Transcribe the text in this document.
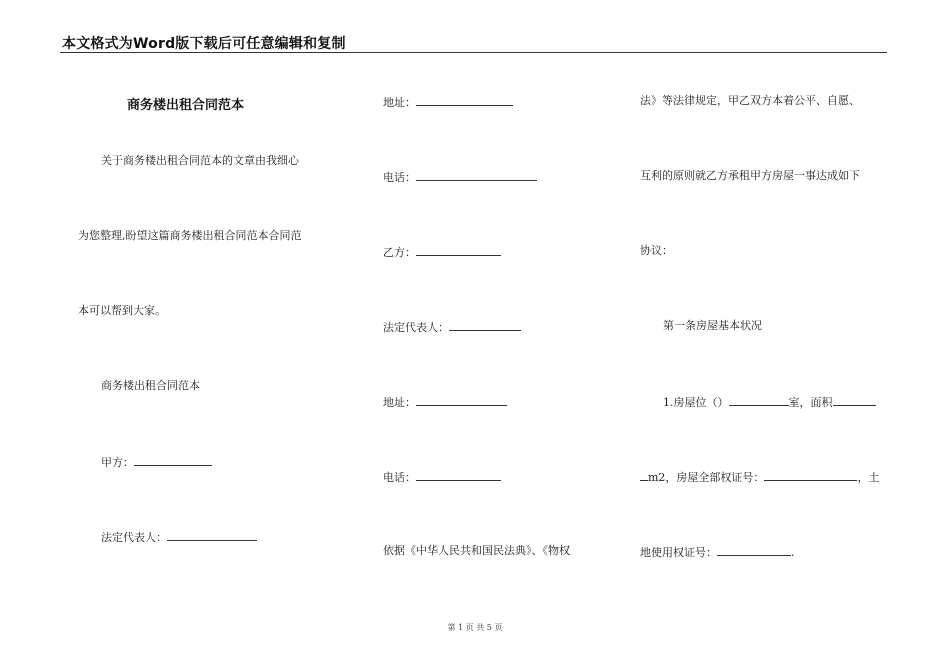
本文格式为Word版下载后可任意编辑和复制
商务楼出租合同范本
关于商务楼出租合同范本的文章由我细心
为您整理,盼望这篇商务楼出租合同范本合同范
本可以帮到大家。
商务楼出租合同范本
甲方：
法定代表人：
地址：
电话：
乙方：
法定代表人：
地址：
电话：
依据《中华人民共和国民法典》、《物权
法》等法律规定，甲乙双方本着公平、自愿、
互利的原则就乙方承租甲方房屋一事达成如下
协议：
第一条房屋基本状况
1.房屋位（）	室，面积
m2，房屋全部权证号：	，土
地使用权证号：	.
第 1 页 共 5 页
